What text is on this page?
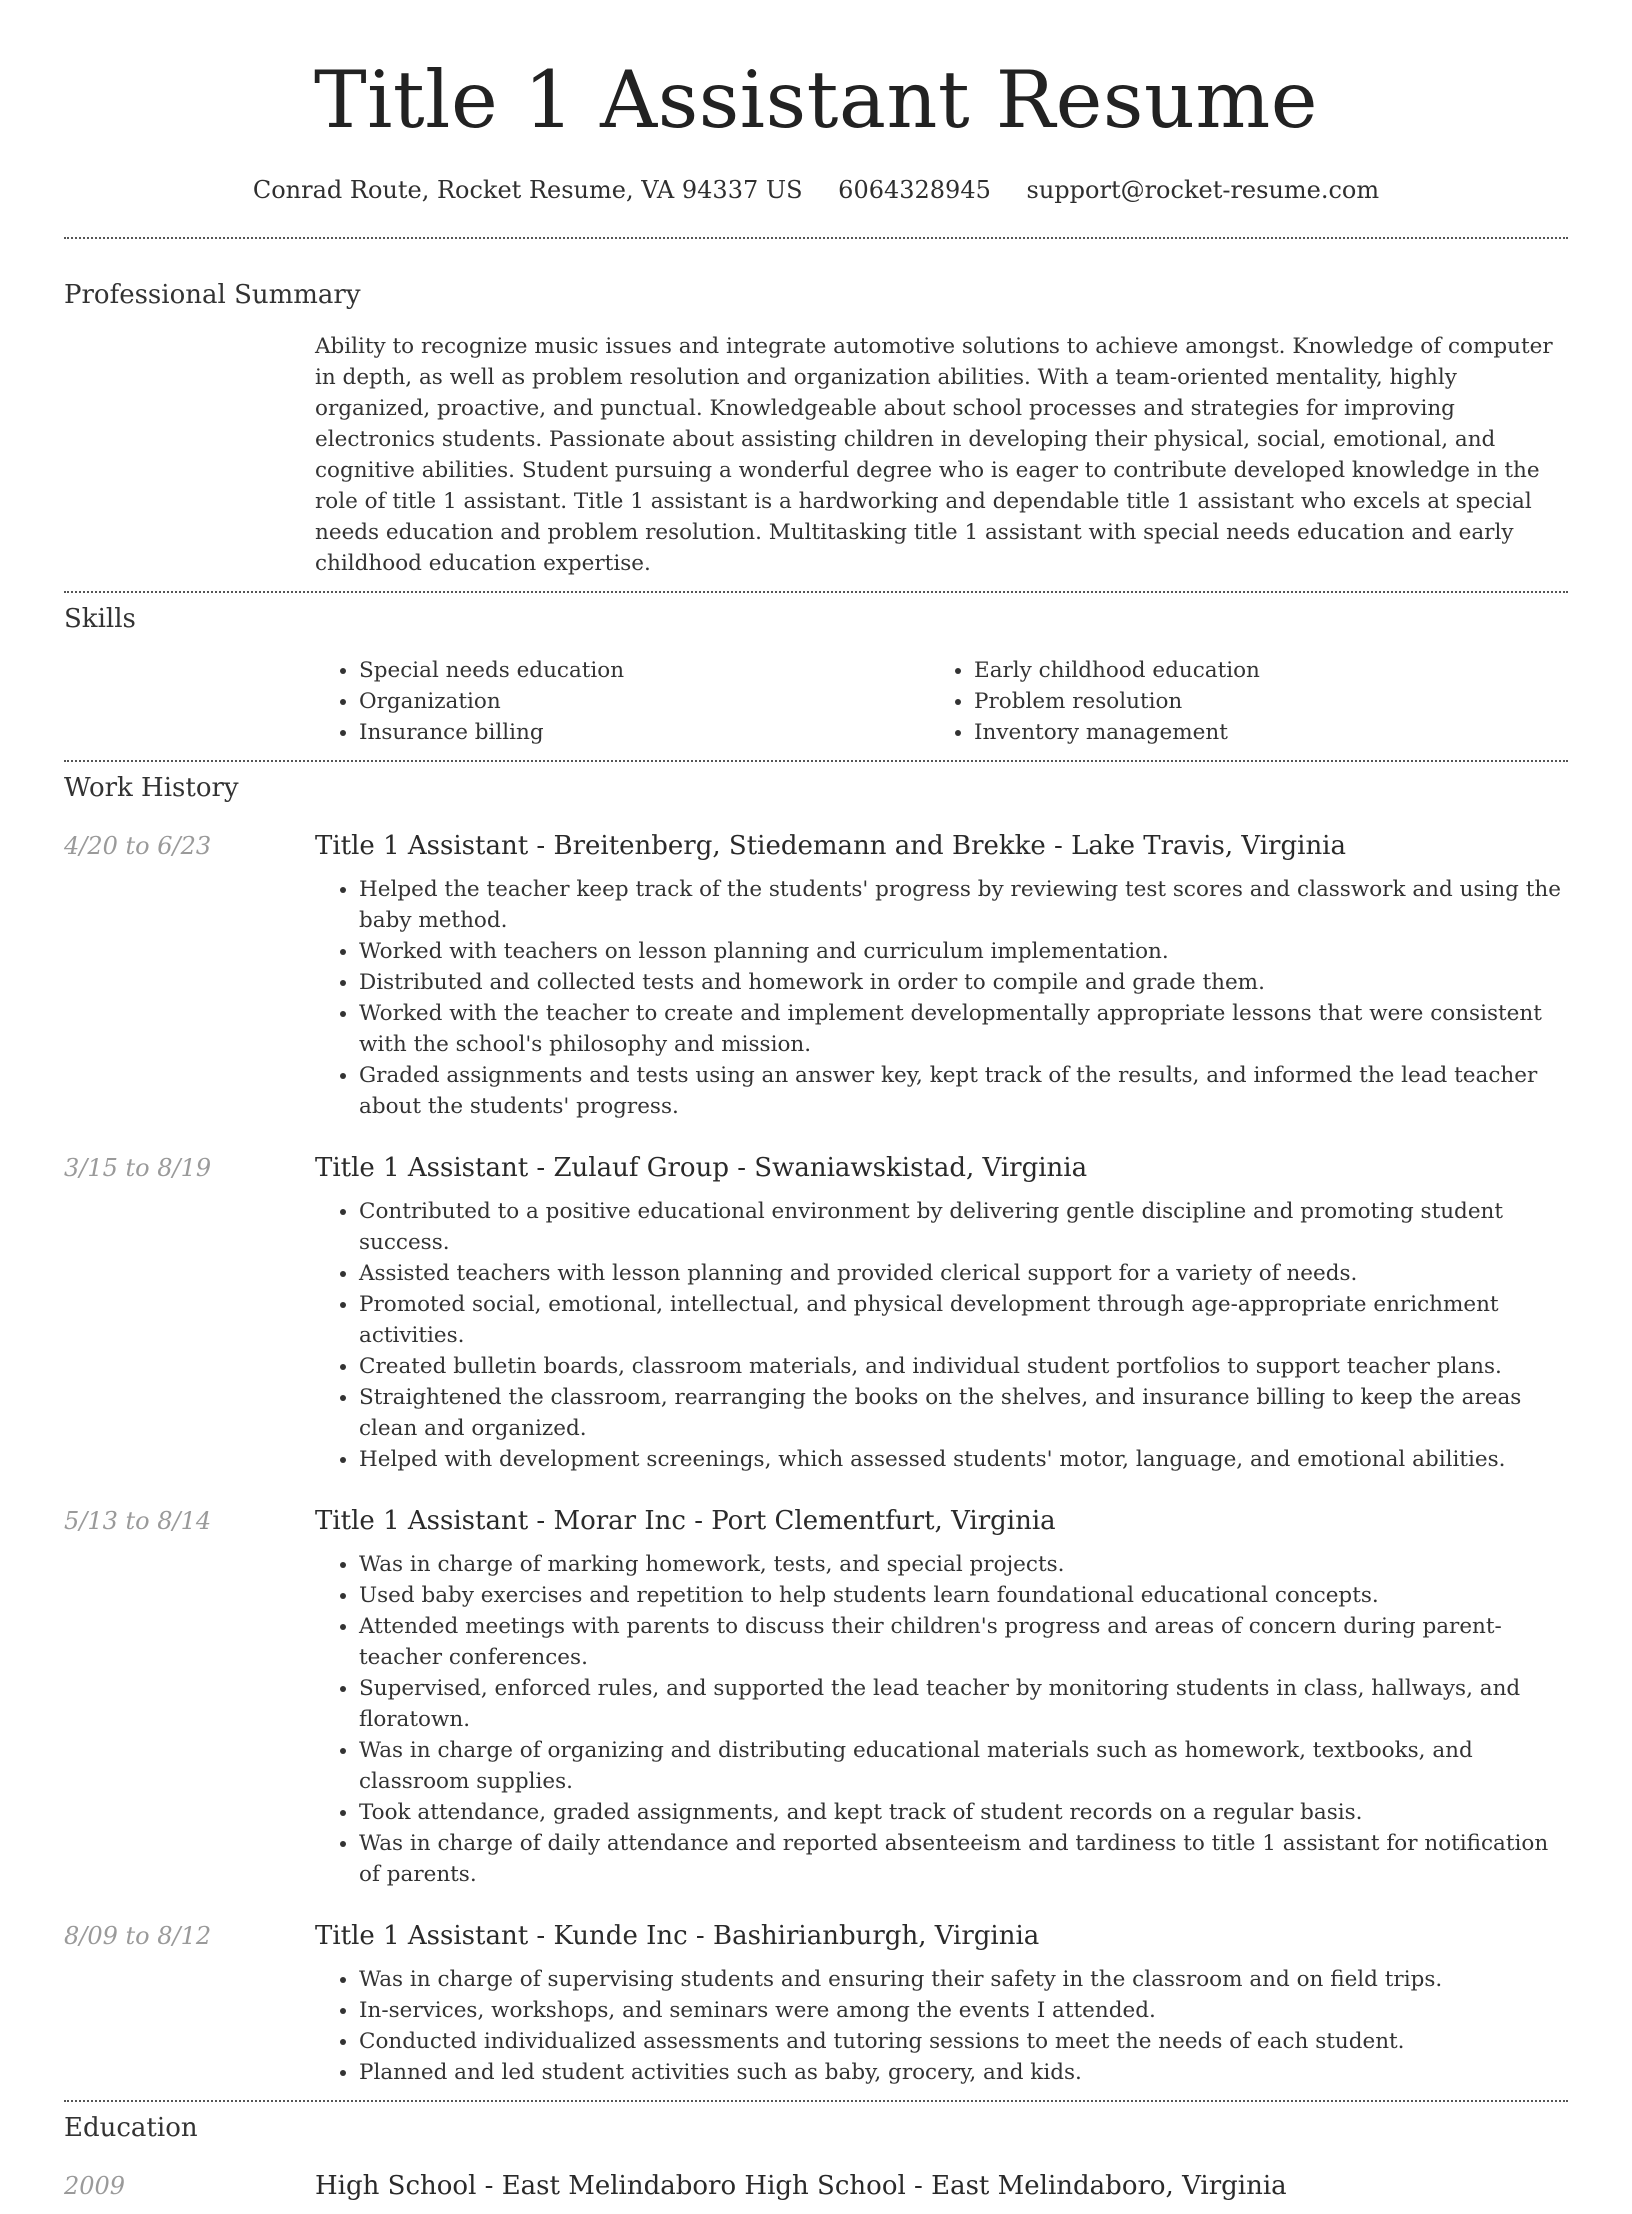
Title 1 Assistant Resume
Conrad Route, Rocket Resume, VA 94337 US 6064328945 support@rocket-resume.com
Professional Summary

Ability to recognize music issues and integrate automotive solutions to achieve amongst. Knowledge of computer in depth, as well as problem resolution and organization abilities. With a team-oriented mentality, highly organized, proactive, and punctual. Knowledgeable about school processes and strategies for improving electronics students. Passionate about assisting children in developing their physical, social, emotional, and cognitive abilities. Student pursuing a wonderful degree who is eager to contribute developed knowledge in the role of title 1 assistant. Title 1 assistant is a hardworking and dependable title 1 assistant who excels at special needs education and problem resolution. Multitasking title 1 assistant with special needs education and early childhood education expertise.

Skills
• Special needs education
• Organization
• Insurance billing
• Early childhood education
• Problem resolution
• Inventory management
Work History
4/20 to 6/23	Title 1 Assistant - Breitenberg, Stiedemann and Brekke - Lake Travis, Virginia
• Helped the teacher keep track of the students' progress by reviewing test scores and classwork and using the baby method.
• Worked with teachers on lesson planning and curriculum implementation.
• Distributed and collected tests and homework in order to compile and grade them.
• Worked with the teacher to create and implement developmentally appropriate lessons that were consistent with the school's philosophy and mission.
• Graded assignments and tests using an answer key, kept track of the results, and informed the lead teacher about the students' progress.
3/15 to 8/19	Title 1 Assistant - Zulauf Group - Swaniawskistad, Virginia
• Contributed to a positive educational environment by delivering gentle discipline and promoting student success.
• Assisted teachers with lesson planning and provided clerical support for a variety of needs.
• Promoted social, emotional, intellectual, and physical development through age-appropriate enrichment activities.
• Created bulletin boards, classroom materials, and individual student portfolios to support teacher plans.
• Straightened the classroom, rearranging the books on the shelves, and insurance billing to keep the areas clean and organized.
• Helped with development screenings, which assessed students' motor, language, and emotional abilities.
5/13 to 8/14	Title 1 Assistant - Morar Inc - Port Clementfurt, Virginia
• Was in charge of marking homework, tests, and special projects.
• Used baby exercises and repetition to help students learn foundational educational concepts.
• Attended meetings with parents to discuss their children's progress and areas of concern during parent-teacher conferences.
• Supervised, enforced rules, and supported the lead teacher by monitoring students in class, hallways, and floratown.
• Was in charge of organizing and distributing educational materials such as homework, textbooks, and classroom supplies.
• Took attendance, graded assignments, and kept track of student records on a regular basis.
• Was in charge of daily attendance and reported absenteeism and tardiness to title 1 assistant for notification of parents.
8/09 to 8/12	Title 1 Assistant - Kunde Inc - Bashirianburgh, Virginia
• Was in charge of supervising students and ensuring their safety in the classroom and on field trips.
• In-services, workshops, and seminars were among the events I attended.
• Conducted individualized assessments and tutoring sessions to meet the needs of each student.
• Planned and led student activities such as baby, grocery, and kids.
Education
2009	High School - East Melindaboro High School - East Melindaboro, Virginia
